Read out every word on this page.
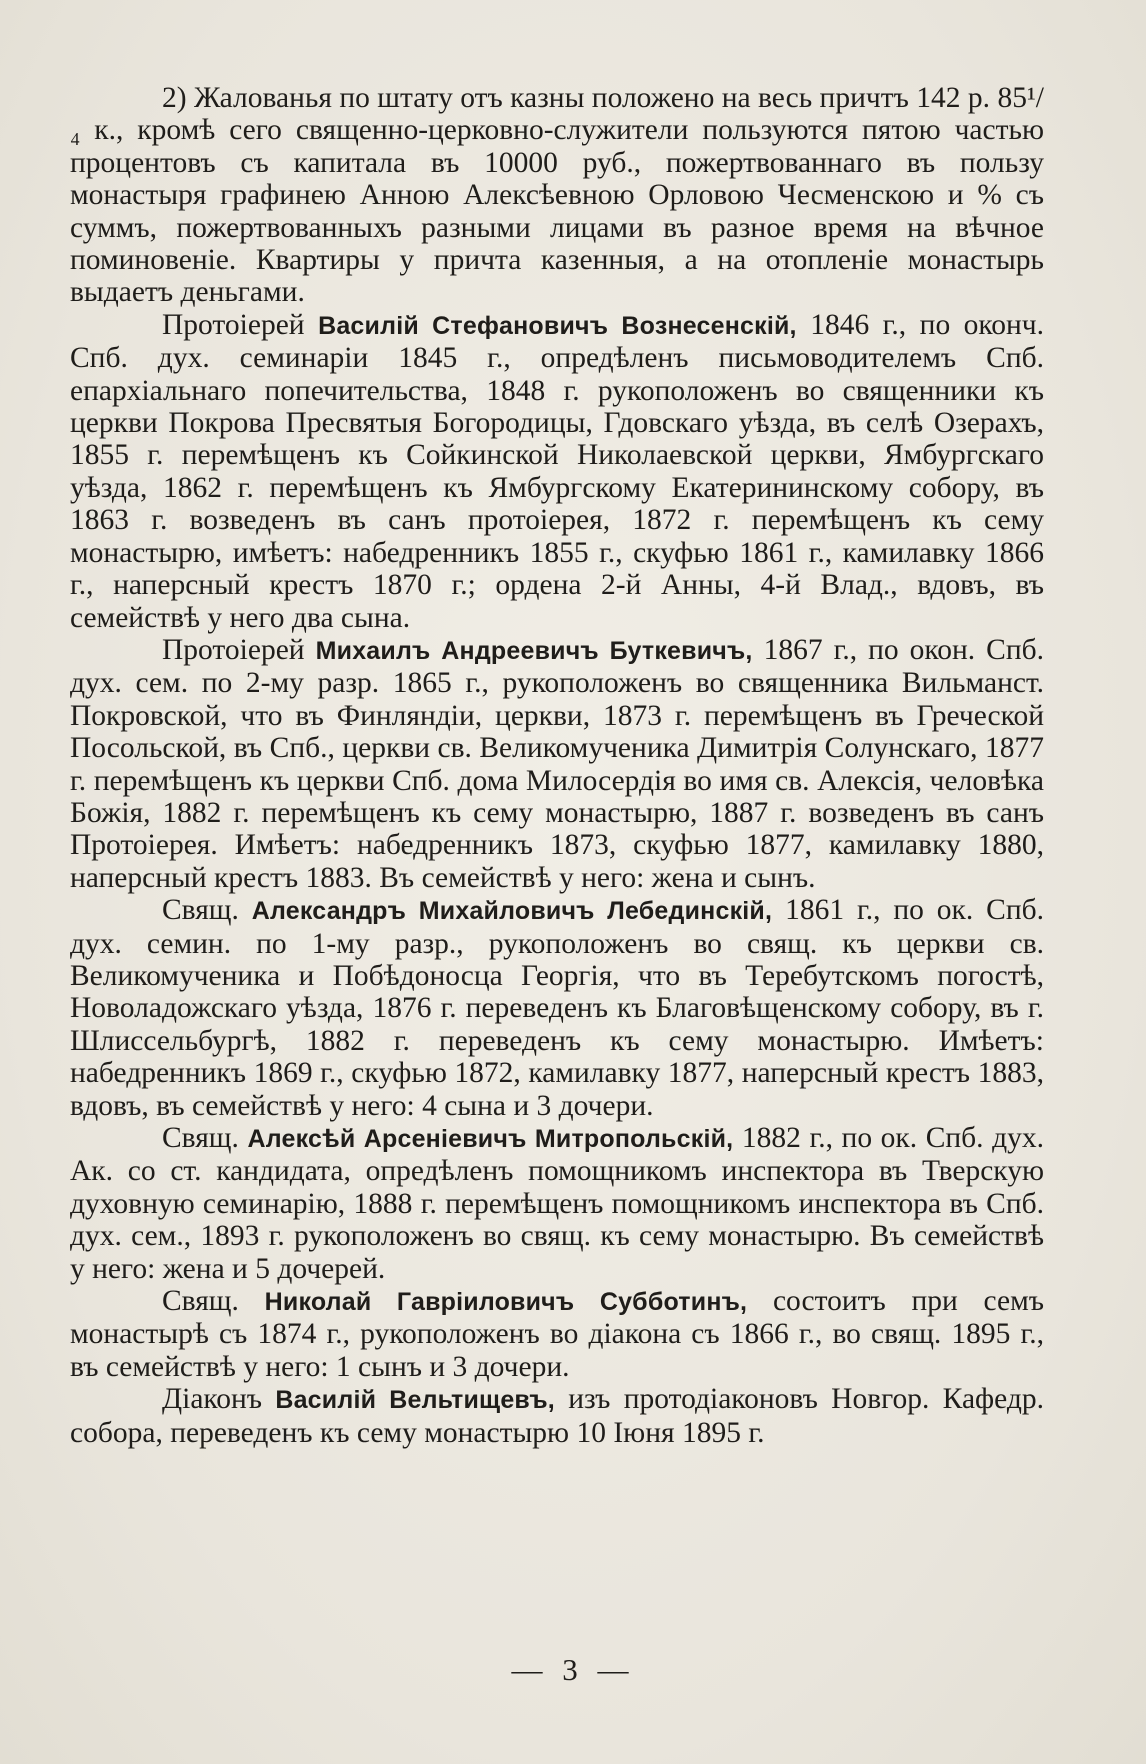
2) Жалованья по штату отъ казны положено на весь причтъ 142 р. 85¹/₄ к., кромѣ сего священно-церковно-служители пользуются пятою частью процентовъ съ капитала въ 10000 руб., пожертвованнаго въ пользу монастыря графинею Анною Алексѣевною Орловою Чесменскою и % съ суммъ, пожертвованныхъ разными лицами въ разное время на вѣчное поминовеніе. Квартиры у причта казенныя, а на отопленіе монастырь выдаетъ деньгами.

Протоіерей Василій Стефановичъ Вознесенскій, 1846 г., по оконч. Спб. дух. семинаріи 1845 г., опредѣленъ письмоводителемъ Спб. епархіальнаго попечительства, 1848 г. рукоположенъ во священники къ церкви Покрова Пресвятыя Богородицы, Гдовскаго уѣзда, въ селѣ Озерахъ, 1855 г. перемѣщенъ къ Сойкинской Николаевской церкви, Ямбургскаго уѣзда, 1862 г. перемѣщенъ къ Ямбургскому Екатерининскому собору, въ 1863 г. возведенъ въ санъ протоіерея, 1872 г. перемѣщенъ къ сему монастырю, имѣетъ: набедренникъ 1855 г., скуфью 1861 г., камилавку 1866 г., наперсный крестъ 1870 г.; ордена 2-й Анны, 4-й Влад., вдовъ, въ семействѣ у него два сына.

Протоіерей Михаилъ Андреевичъ Буткевичъ, 1867 г., по окон. Спб. дух. сем. по 2-му разр. 1865 г., рукоположенъ во священника Вильманст. Покровской, что въ Финляндіи, церкви, 1873 г. перемѣщенъ въ Греческой Посольской, въ Спб., церкви св. Великомученика Димитрія Солунскаго, 1877 г. перемѣщенъ къ церкви Спб. дома Милосердія во имя св. Алексія, человѣка Божія, 1882 г. перемѣщенъ къ сему монастырю, 1887 г. возведенъ въ санъ Протоіерея. Имѣетъ: набедренникъ 1873, скуфью 1877, камилавку 1880, наперсный крестъ 1883. Въ семействѣ у него: жена и сынъ.

Свящ. Александръ Михайловичъ Лебединскій, 1861 г., по ок. Спб. дух. семин. по 1-му разр., рукоположенъ во свящ. къ церкви св. Великомученика и Побѣдоносца Георгія, что въ Теребутскомъ погостѣ, Новоладожскаго уѣзда, 1876 г. переведенъ къ Благовѣщенскому собору, въ г. Шлиссельбургѣ, 1882 г. переведенъ къ сему монастырю. Имѣетъ: набедренникъ 1869 г., скуфью 1872, камилавку 1877, наперсный крестъ 1883, вдовъ, въ семействѣ у него: 4 сына и 3 дочери.

Свящ. Алексѣй Арсеніевичъ Митропольскій, 1882 г., по ок. Спб. дух. Ак. со ст. кандидата, опредѣленъ помощникомъ инспектора въ Тверскую духовную семинарію, 1888 г. перемѣщенъ помощникомъ инспектора въ Спб. дух. сем., 1893 г. рукоположенъ во свящ. къ сему монастырю. Въ семействѣ у него: жена и 5 дочерей.

Свящ. Николай Гавріиловичъ Субботинъ, состоитъ при семъ монастырѣ съ 1874 г., рукоположенъ во діакона съ 1866 г., во свящ. 1895 г., въ семействѣ у него: 1 сынъ и 3 дочери.

Діаконъ Василій Вельтищевъ, изъ протодіаконовъ Новгор. Кафедр. собора, переведенъ къ сему монастырю 10 Іюня 1895 г.

— 3 —
